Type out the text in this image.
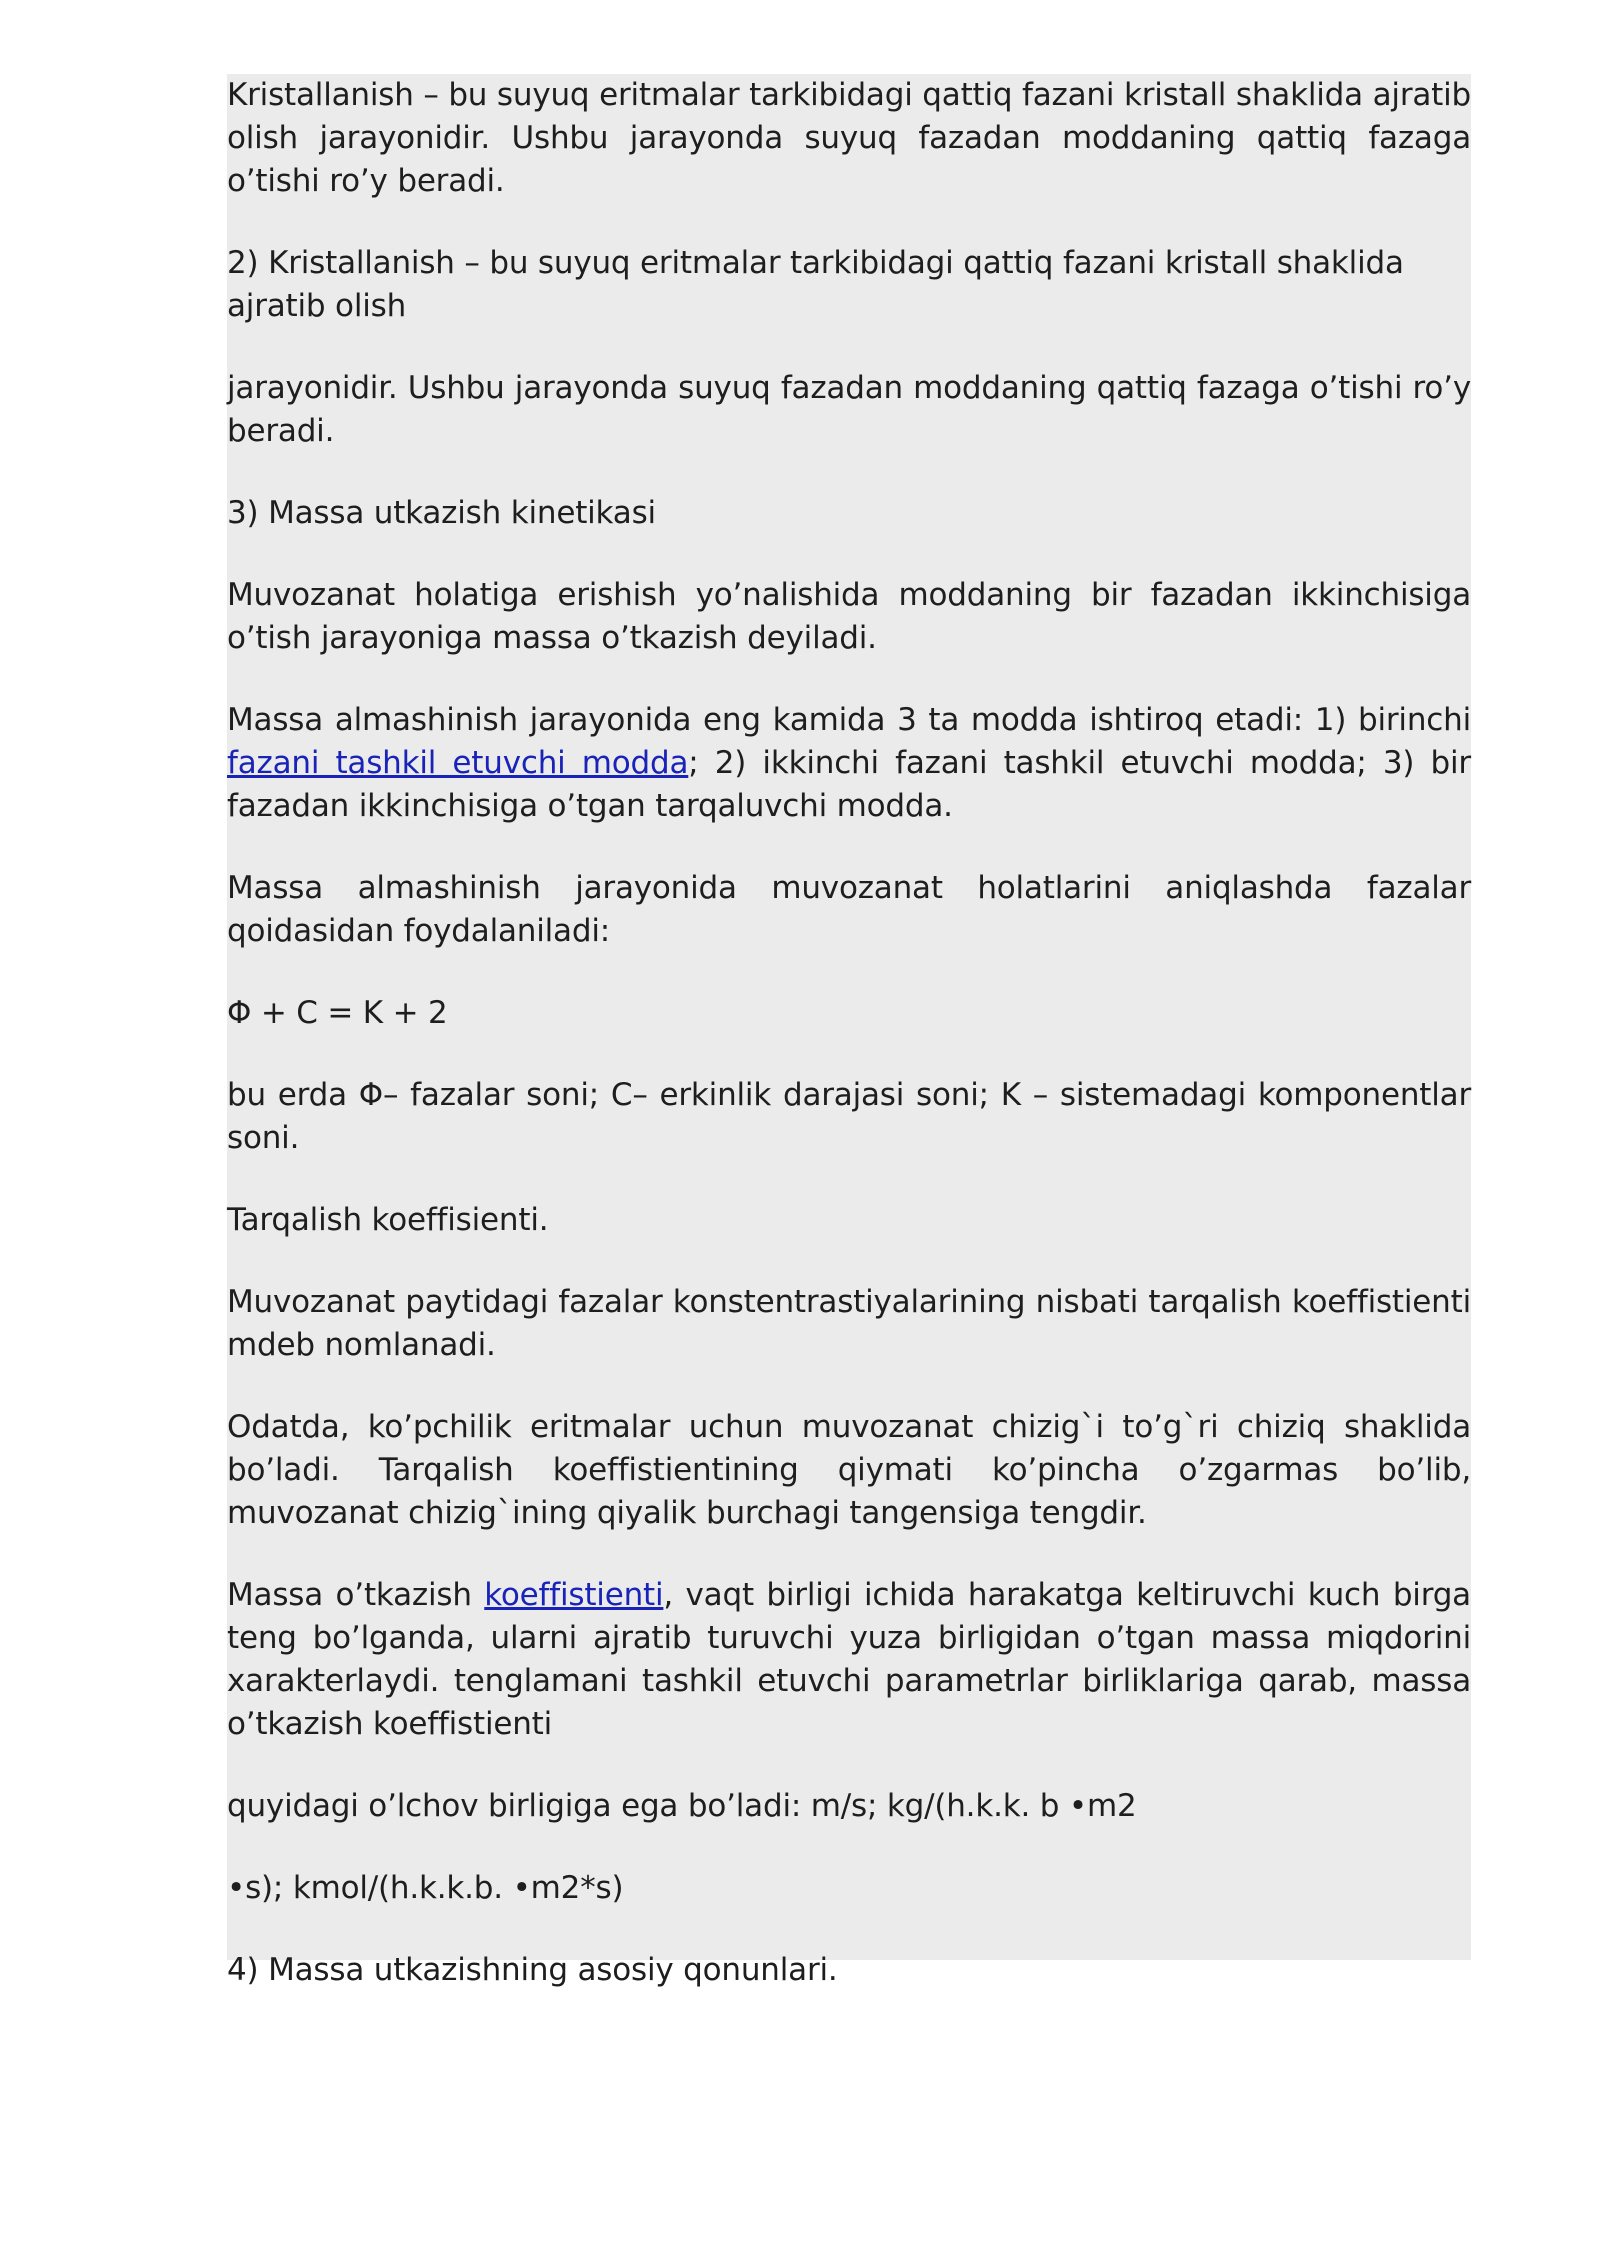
Kristallanish – bu suyuq eritmalar tarkibidagi qattiq fazani kristall shaklida ajratib olish jarayonidir. Ushbu jarayonda suyuq fazadan moddaning qattiq fazaga o’tishi ro’y beradi.

2) Kristallanish – bu suyuq eritmalar tarkibidagi qattiq fazani kristall shaklida ajratib olish

jarayonidir. Ushbu jarayonda suyuq fazadan moddaning qattiq fazaga o’tishi ro’y beradi.

3) Massa utkazish kinetikasi

Muvozanat holatiga erishish yo’nalishida moddaning bir fazadan ikkinchisiga o’tish jarayoniga massa o’tkazish deyiladi.

Massa almashinish jarayonida eng kamida 3 ta modda ishtiroq etadi: 1) birinchi fazani tashkil etuvchi modda; 2) ikkinchi fazani tashkil etuvchi modda; 3) bir fazadan ikkinchisiga o’tgan tarqaluvchi modda.

Massa almashinish jarayonida muvozanat holatlarini aniqlashda fazalar qoidasidan foydalaniladi:

Φ + C = K + 2

bu erda Φ– fazalar soni; C– erkinlik darajasi soni; K – sistemadagi komponentlar soni.

Tarqalish koeffisienti.

Muvozanat paytidagi fazalar konstentrastiyalarining nisbati tarqalish koeffistienti mdeb nomlanadi.

Odatda, ko’pchilik eritmalar uchun muvozanat chizig`i to’g`ri chiziq shaklida bo’ladi. Tarqalish koeffistientining qiymati ko’pincha o’zgarmas bo’lib, muvozanat chizig`ining qiyalik burchagi tangensiga tengdir.

Massa o’tkazish koeffistienti, vaqt birligi ichida harakatga keltiruvchi kuch birga teng bo’lganda, ularni ajratib turuvchi yuza birligidan o’tgan massa miqdorini xarakterlaydi. tenglamani tashkil etuvchi parametrlar birliklariga qarab, massa o’tkazish koeffistienti

quyidagi o’lchov birligiga ega bo’ladi: m/s; kg/(h.k.k. b •m2

•s); kmol/(h.k.k.b. •m2*s)

4) Massa utkazishning asosiy qonunlari.
